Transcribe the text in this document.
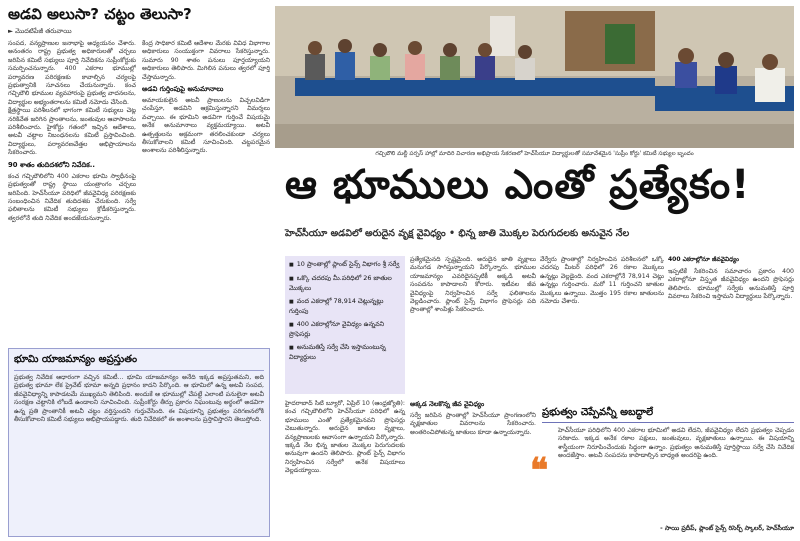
అడవి అలుసా? చట్టం తెలుసా?
► మొదటిపేజీ తరువాయి

సంపద, వన్యప్రాణుల జనాభాపై అధ్యయనం చేశారు. అనంతరం రాష్ట్ర ప్రభుత్వ అధికారులతో చర్చలు జరిపిన కమిటీ సభ్యులు పూర్తి నివేదికను సుప్రీంకోర్టుకు సమర్పించనున్నారు. 400 ఎకరాల భూముల్లో పర్యావరణ పరిరక్షణకు కావాల్సిన చర్యలపై ప్రభుత్వానికి సూచనలు చేయనున్నారు. కంచ గచ్చిబౌలి భూముల వ్యవహారంపై ప్రభుత్వ వాదనలను, విద్యార్థుల అభ్యంతరాలను కమిటీ నమోదు చేసింది.

క్షేత్రస్థాయి పరిశీలనలో భాగంగా కమిటీ సభ్యులు చెట్ల నరికివేత జరిగిన ప్రాంతాలను, జంతువుల ఆవాసాలను పరిశీలించారు. హైకోర్టు గతంలో ఇచ్చిన ఆదేశాలు, అటవీ చట్టాల నిబంధనలను కమిటీ ప్రస్తావించింది. విద్యార్థులు, పర్యావరణవేత్తల అభిప్రాయాలను సేకరించారు.

90 శాతం తుదిదశలోని నివేదిక..

కంచ గచ్చిబౌలిలోని 400 ఎకరాల భూమి స్వాధీనంపై ప్రభుత్వంతో రాష్ట్ర స్థాయి యంత్రాంగం చర్చలు జరిపింది. హెచ్‌సీయూ పరిధిలో జీవవైవిధ్య పరిరక్షణకు సంబంధించిన నివేదిక తుదిదశకు చేరుకుంది. సర్వే ఫలితాలను కమిటీ సభ్యులు క్రోడీకరిస్తున్నారు. త్వరలోనే తుది నివేదిక అందజేయనున్నారు.

కేంద్ర సాధికార కమిటీ ఆదేశాల మేరకు వివిధ విభాగాల అధికారులు సంయుక్తంగా వివరాలు సేకరిస్తున్నారు. సుమారు 90 శాతం పనులు పూర్తయ్యాయని అధికారులు తెలిపారు. మిగిలిన పనులు త్వరలో పూర్తి చేస్తామన్నారు.

అడవి గుర్తింపుపై అనుమానాలు

అమాయకులైన అటవీ ప్రాణులను విచ్చలవిడిగా చంపేస్తూ, అడవిని ఆక్రమిస్తున్నారని విమర్శలు వచ్చాయి. ఈ భూమిని అడవిగా గుర్తించే విషయమై అనేక అనుమానాలు వ్యక్తమయ్యాయి. అటవీ ఉత్పత్తులను అక్రమంగా తరలించకుండా చర్యలు తీసుకోవాలని కమిటీ సూచించింది. చట్టపరమైన అంశాలను పరిశీలిస్తున్నారు.

భూమి యాజమాన్యం అప్రస్తుతం

ప్రభుత్వ నివేదిక ఆధారంగా వచ్చిన కమిటీ... భూమి యాజమాన్యం అనేది ఇక్కడ అప్రస్తుతమని, అది ప్రభుత్వ భూమా లేక ప్రైవేట్ భూమా అన్నది ప్రధానం కాదని పేర్కొంది. ఆ భూమిలో ఉన్న అటవీ సంపద, జీవవైవిధ్యాన్ని కాపాడటమే ముఖ్యమని తెలిపింది. అందుకే ఆ భూముల్లో చేపట్టే ఎలాంటి పనులైనా అటవీ సంరక్షణ చట్టానికి లోబడే ఉండాలని సూచించింది. సుప్రీంకోర్టు తీర్పు ప్రకారం నిఘంటువు అర్థంలో అడవిగా ఉన్న ప్రతి ప్రాంతానికీ అటవీ చట్టం వర్తిస్తుందని గుర్తుచేసింది. ఈ విషయాన్ని ప్రభుత్వం పరిగణనలోకి తీసుకోవాలని కమిటీ సభ్యులు అభిప్రాయపడ్డారు. తుది నివేదికలో ఈ అంశాలను ప్రస్తావిస్తారని తెలుస్తోంది.

గచ్చిబౌలి మల్టీ పర్పస్ హాల్లో మాదిరి విచారణ అభిప్రాయ సేకరణలో హెచ్‌సీయూ విద్యార్థులతో సమావేశమైన 'సుప్రీం కోర్టు' కమిటీ సభ్యుల బృందం
ఆ భూములు ఎంతో ప్రత్యేకం!
హెచ్‌సీయూ అడవిలో అరుదైన వృక్ష వైవిధ్యం • భిన్న జాతి మొక్కల పెరుగుదలకు అనువైన నేల
■ 10 ప్రాంతాల్లో ప్లాంట్ సైన్స్ విభాగం శ్రీ సర్వే
■ ఒక్కొ చదరపు మీ.పరిధిలో 26 జాతుల మొక్కలు
■ వంద ఎకరాల్లో 78,914 చెట్లున్నట్లు గుర్తింపు
■ 400 ఎకరాల్లోనూ వైవిధ్యం ఉన్నవని ప్రొఫెసర్లు
■ అనుమతిస్తే సర్వే చేసి ఇస్తామంటున్న విద్యార్థులు

ప్రత్యేకమైనది స్పష్టమైంది. అరుదైన జాతి వృక్షాలు మనుగడ సాగిస్తున్నాయని పేర్కొన్నారు. భూముల యాజమాన్యం ఎవరిదైనప్పటికీ అక్కడి అటవీ సంపదను కాపాడాలని కోరారు. ఇటీవల జీవ వైవిధ్యంపై నిర్వహించిన సర్వే ఫలితాలను వెల్లడించారు. ప్లాంట్ సైన్స్ విభాగం ప్రొఫెసర్లు పది ప్రాంతాల్లో శాంపిళ్లు సేకరించారు.

వేర్వేరు ప్రాంతాల్లో నిర్వహించిన పరిశీలనలో ఒక్కో చదరపు మీటర్ పరిధిలో 26 రకాల మొక్కలు ఉన్నట్లు వెల్లడైంది. వంద ఎకరాల్లోనే 78,914 చెట్లు ఉన్నట్లు గుర్తించారు. మరో 11 గుర్తించని జాతుల మొక్కలు ఉన్నాయి. మొత్తం 195 రకాల జాతులను నమోదు చేశారు.

400 ఎకరాల్లోనూ జీవవైవిధ్యం

ఇప్పటికే సేకరించిన సమాచారం ప్రకారం 400 ఎకరాల్లోనూ విస్తృత జీవవైవిధ్యం ఉందని ప్రొఫెసర్లు తెలిపారు. భూముల్లో సర్వేకు అనుమతిస్తే పూర్తి వివరాలు సేకరించి ఇస్తామని విద్యార్థులు పేర్కొన్నారు.

హైదరాబాద్ సిటీ బ్యూరో, ఏప్రిల్ 10 (ఆంధ్రజ్యోతి): కంచ గచ్చిబౌలిలోని హెచ్‌సీయూ పరిధిలో ఉన్న భూములు ఎంతో ప్రత్యేకమైనవని ప్రొఫెసర్లు చెబుతున్నారు. అరుదైన జాతుల వృక్షాలు, వన్యప్రాణులకు ఆవాసంగా ఉన్నాయని పేర్కొన్నారు. ఇక్కడి నేల భిన్న జాతుల మొక్కల పెరుగుదలకు అనువుగా ఉందని తెలిపారు. ప్లాంట్ సైన్స్ విభాగం నిర్వహించిన సర్వేలో అనేక విషయాలు వెల్లడయ్యాయి.

అక్కడ నెలకొన్న జీవ వైవిధ్యం

సర్వే జరిపిన ప్రాంతాల్లో హెచ్‌సీయూ ప్రాంగణంలోని వృక్షజాతుల వివరాలను సేకరించారు. అంతరించిపోతున్న జాతులు కూడా ఉన్నాయన్నారు.

ప్రభుత్వం చెప్పేవన్నీ అబద్ధాలే
❝

హెచ్‌సీయూ పరిధిలోని 400 ఎకరాల భూమిలో అడవి లేదని, జీవవైవిధ్యం లేదని ప్రభుత్వం చెప్పడం సరికాదు. ఇక్కడ అనేక రకాల పక్షులు, జంతువులు, వృక్షజాతులు ఉన్నాయి. ఈ విషయాన్ని శాస్త్రీయంగా నిరూపించేందుకు సిద్ధంగా ఉన్నాం. ప్రభుత్వం అనుమతిస్తే పూర్తిస్థాయి సర్వే చేసి నివేదిక అందజేస్తాం. అటవీ సంపదను కాపాడాల్సిన బాధ్యత అందరిపై ఉంది.

- సాయి ప్రదీప్, ప్లాంట్ సైన్స్ రిసెర్చ్ స్కాలర్, హెచ్‌సీయూ
